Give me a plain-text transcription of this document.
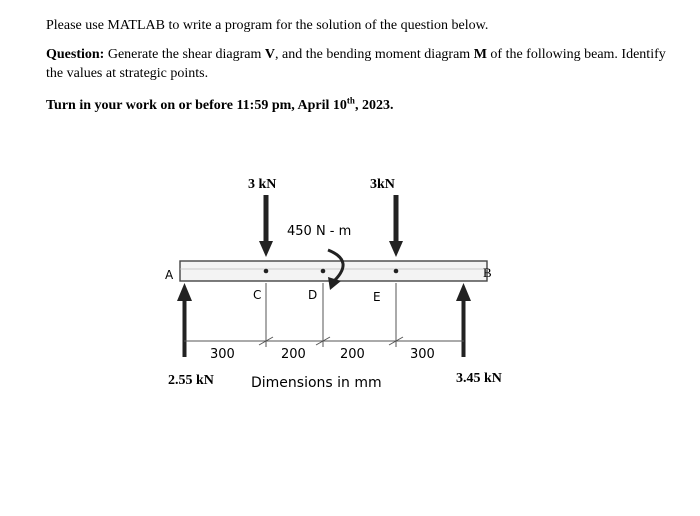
Please use MATLAB to write a program for the solution of the question below.
Question: Generate the shear diagram V, and the bending moment diagram M of the following beam. Identify the values at strategic points.
Turn in your work on or before 11:59 pm, April 10th, 2023.
3 kN	3kN
450 N - m
A	B
C	D	E
300	200	200	300
2.55 kN	Dimensions in mm	3.45 kN
